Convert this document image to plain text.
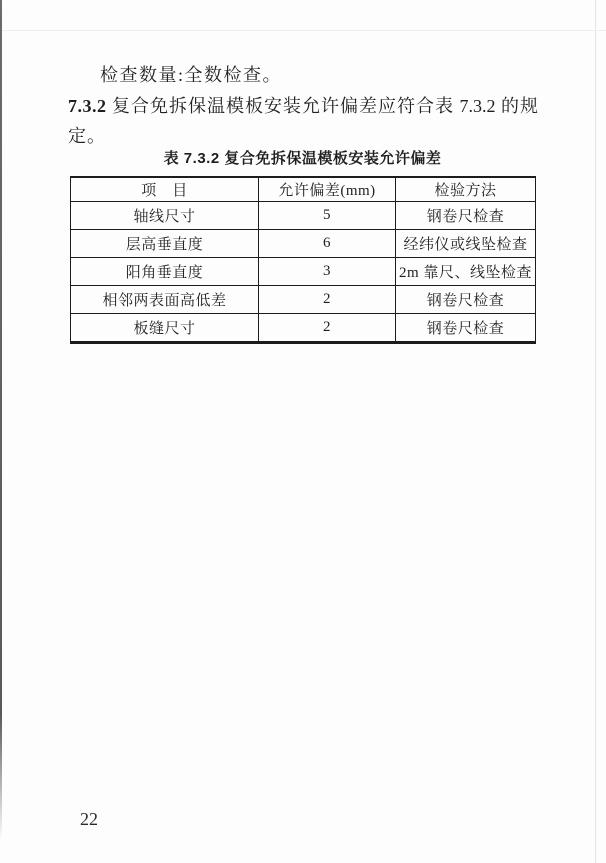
检查数量:全数检查。

7.3.2 复合免拆保温模板安装允许偏差应符合表 7.3.2 的规
定。
表 7.3.2 复合免拆保温模板安装允许偏差
项　目	允许偏差(mm)	检验方法
轴线尺寸	5	钢卷尺检查
层高垂直度	6	经纬仪或线坠检查
阳角垂直度	3	2m 靠尺、线坠检查
相邻两表面高低差	2	钢卷尺检查
板缝尺寸	2	钢卷尺检查
22
